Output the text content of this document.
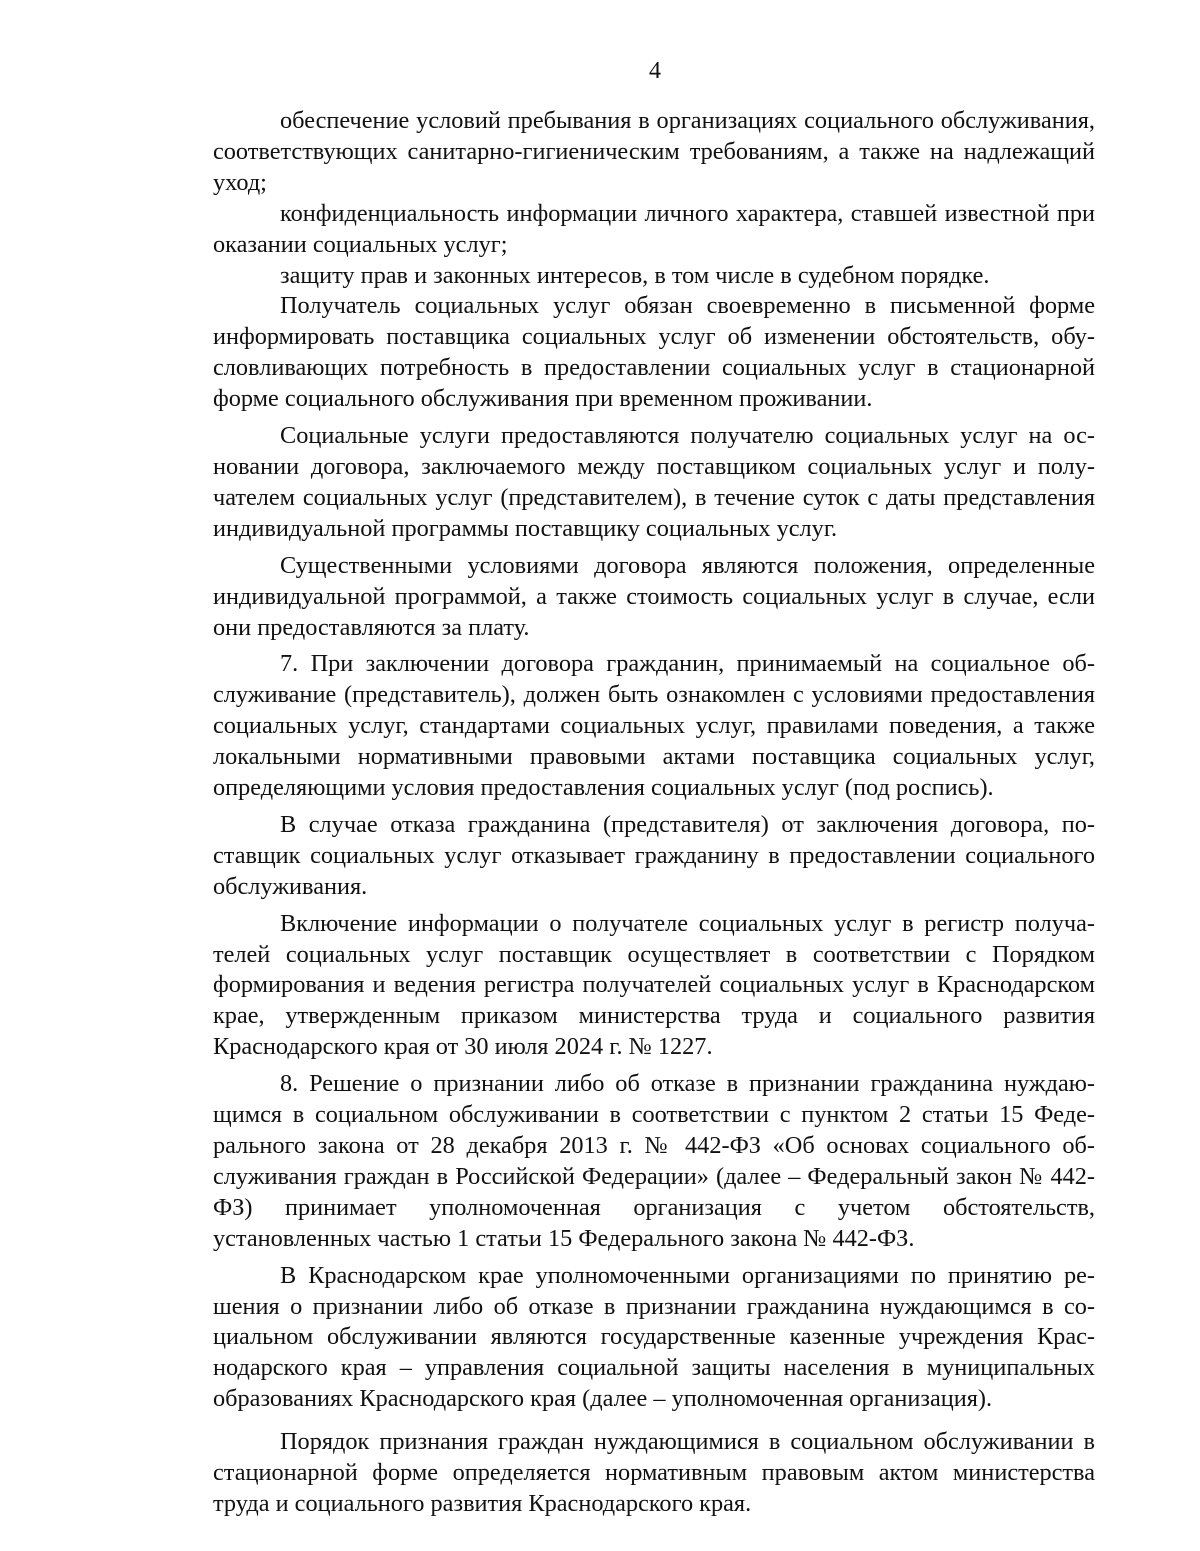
4

обеспечение условий пребывания в организациях социального обслуживания, соответствующих санитарно-гигиеническим требованиям, а также на надлежащий уход;

конфиденциальность информации личного характера, ставшей известной при оказании социальных услуг;

защиту прав и законных интересов, в том числе в судебном порядке.

Получатель социальных услуг обязан своевременно в письменной форме информировать поставщика социальных услуг об изменении обстоятельств, обусловливающих потребность в предоставлении социальных услуг в стационарной форме социального обслуживания при временном проживании.

Социальные услуги предоставляются получателю социальных услуг на основании договора, заключаемого между поставщиком социальных услуг и получателем социальных услуг (представителем), в течение суток с даты представления индивидуальной программы поставщику социальных услуг.

Существенными условиями договора являются положения, определенные индивидуальной программой, а также стоимость социальных услуг в случае, если они предоставляются за плату.

7. При заключении договора гражданин, принимаемый на социальное обслуживание (представитель), должен быть ознакомлен с условиями предоставления социальных услуг, стандартами социальных услуг, правилами поведения, а также локальными нормативными правовыми актами поставщика социальных услуг, определяющими условия предоставления социальных услуг (под роспись).

В случае отказа гражданина (представителя) от заключения договора, поставщик социальных услуг отказывает гражданину в предоставлении социального обслуживания.

Включение информации о получателе социальных услуг в регистр получателей социальных услуг поставщик осуществляет в соответствии с Порядком формирования и ведения регистра получателей социальных услуг в Краснодарском крае, утвержденным приказом министерства труда и социального развития Краснодарского края от 30 июля 2024 г. № 1227.

8. Решение о признании либо об отказе в признании гражданина нуждающимся в социальном обслуживании в соответствии с пунктом 2 статьи 15 Федерального закона от 28 декабря 2013 г. № 442-ФЗ «Об основах социального обслуживания граждан в Российской Федерации» (далее – Федеральный закон № 442-ФЗ) принимает уполномоченная организация с учетом обстоятельств, установленных частью 1 статьи 15 Федерального закона № 442-ФЗ.

В Краснодарском крае уполномоченными организациями по принятию решения о признании либо об отказе в признании гражданина нуждающимся в социальном обслуживании являются государственные казенные учреждения Краснодарского края – управления социальной защиты населения в муниципальных образованиях Краснодарского края (далее – уполномоченная организация).

Порядок признания граждан нуждающимися в социальном обслуживании в стационарной форме определяется нормативным правовым актом министерства труда и социального развития Краснодарского края.
